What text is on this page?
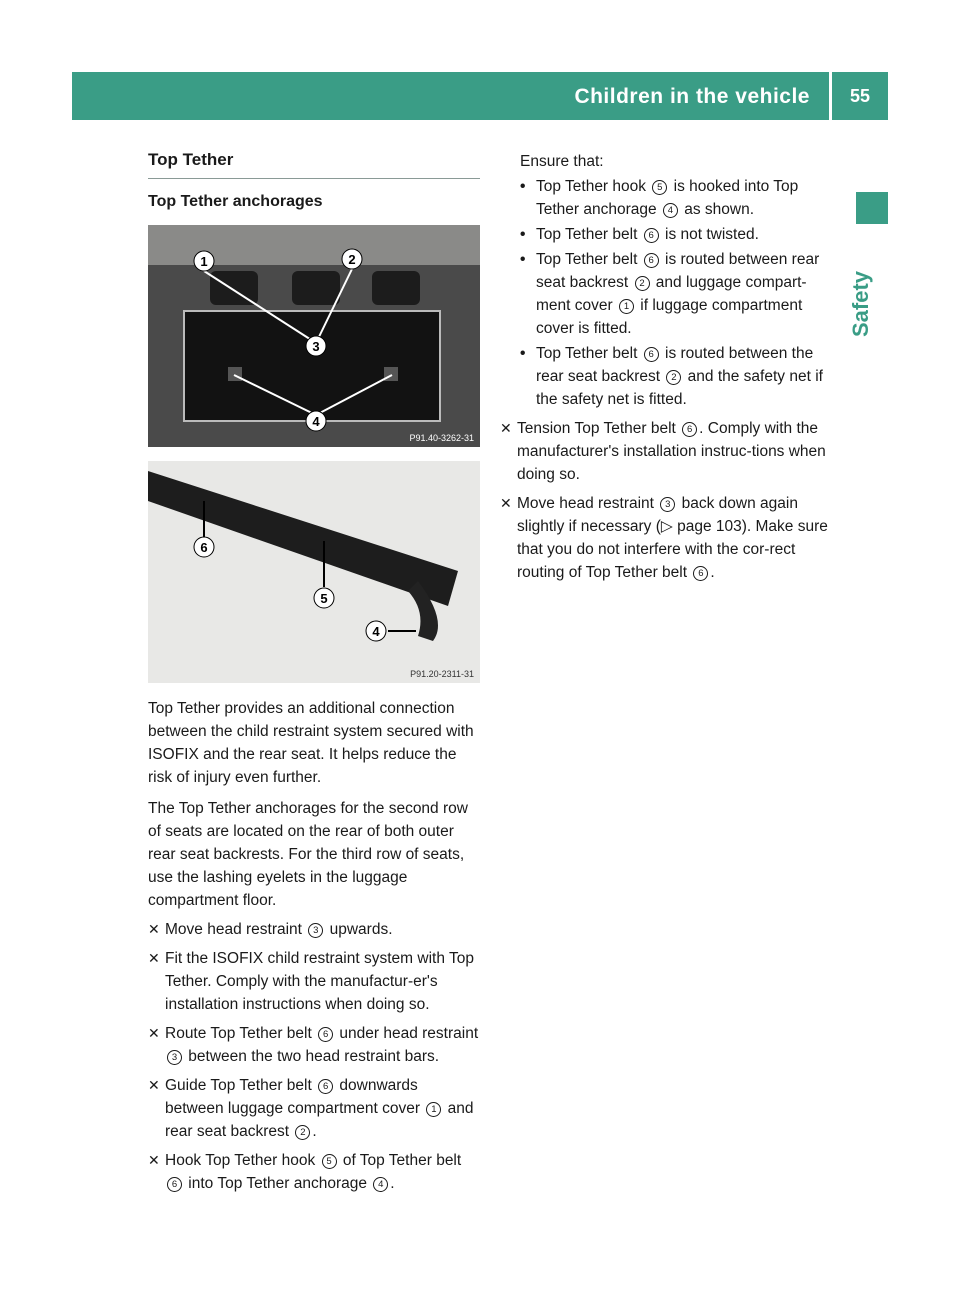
Children in the vehicle 55
Safety
Top Tether
Top Tether anchorages
1	2
3
4
P91.40-3262-31
6
5
4
P91.20-2311-31

Top Tether provides an additional connection between the child restraint system secured with ISOFIX and the rear seat. It helps reduce the risk of injury even further.

The Top Tether anchorages for the second row of seats are located on the rear of both outer rear seat backrests. For the third row of seats, use the lashing eyelets in the luggage compartment floor.

✕ Move head restraint 3 upwards.
✕ Fit the ISOFIX child restraint system with Top Tether. Comply with the manufactur-er's installation instructions when doing so.
✕ Route Top Tether belt 6 under head restraint 3 between the two head restraint bars.
✕ Guide Top Tether belt 6 downwards between luggage compartment cover 1 and rear seat backrest 2 .
✕ Hook Top Tether hook 5 of Top Tether belt 6 into Top Tether anchorage 4 .
Ensure that:
• Top Tether hook 5 is hooked into Top Tether anchorage 4 as shown.
• Top Tether belt 6 is not twisted.
• Top Tether belt 6 is routed between rear seat backrest 2 and luggage compart-ment cover 1 if luggage compartment cover is fitted.
• Top Tether belt 6 is routed between the rear seat backrest 2 and the safety net if the safety net is fitted.
✕ Tension Top Tether belt 6 . Comply with the manufacturer's installation instruc-tions when doing so.
✕ Move head restraint 3 back down again slightly if necessary (▷ page 103). Make sure that you do not interfere with the cor-rect routing of Top Tether belt 6 .
